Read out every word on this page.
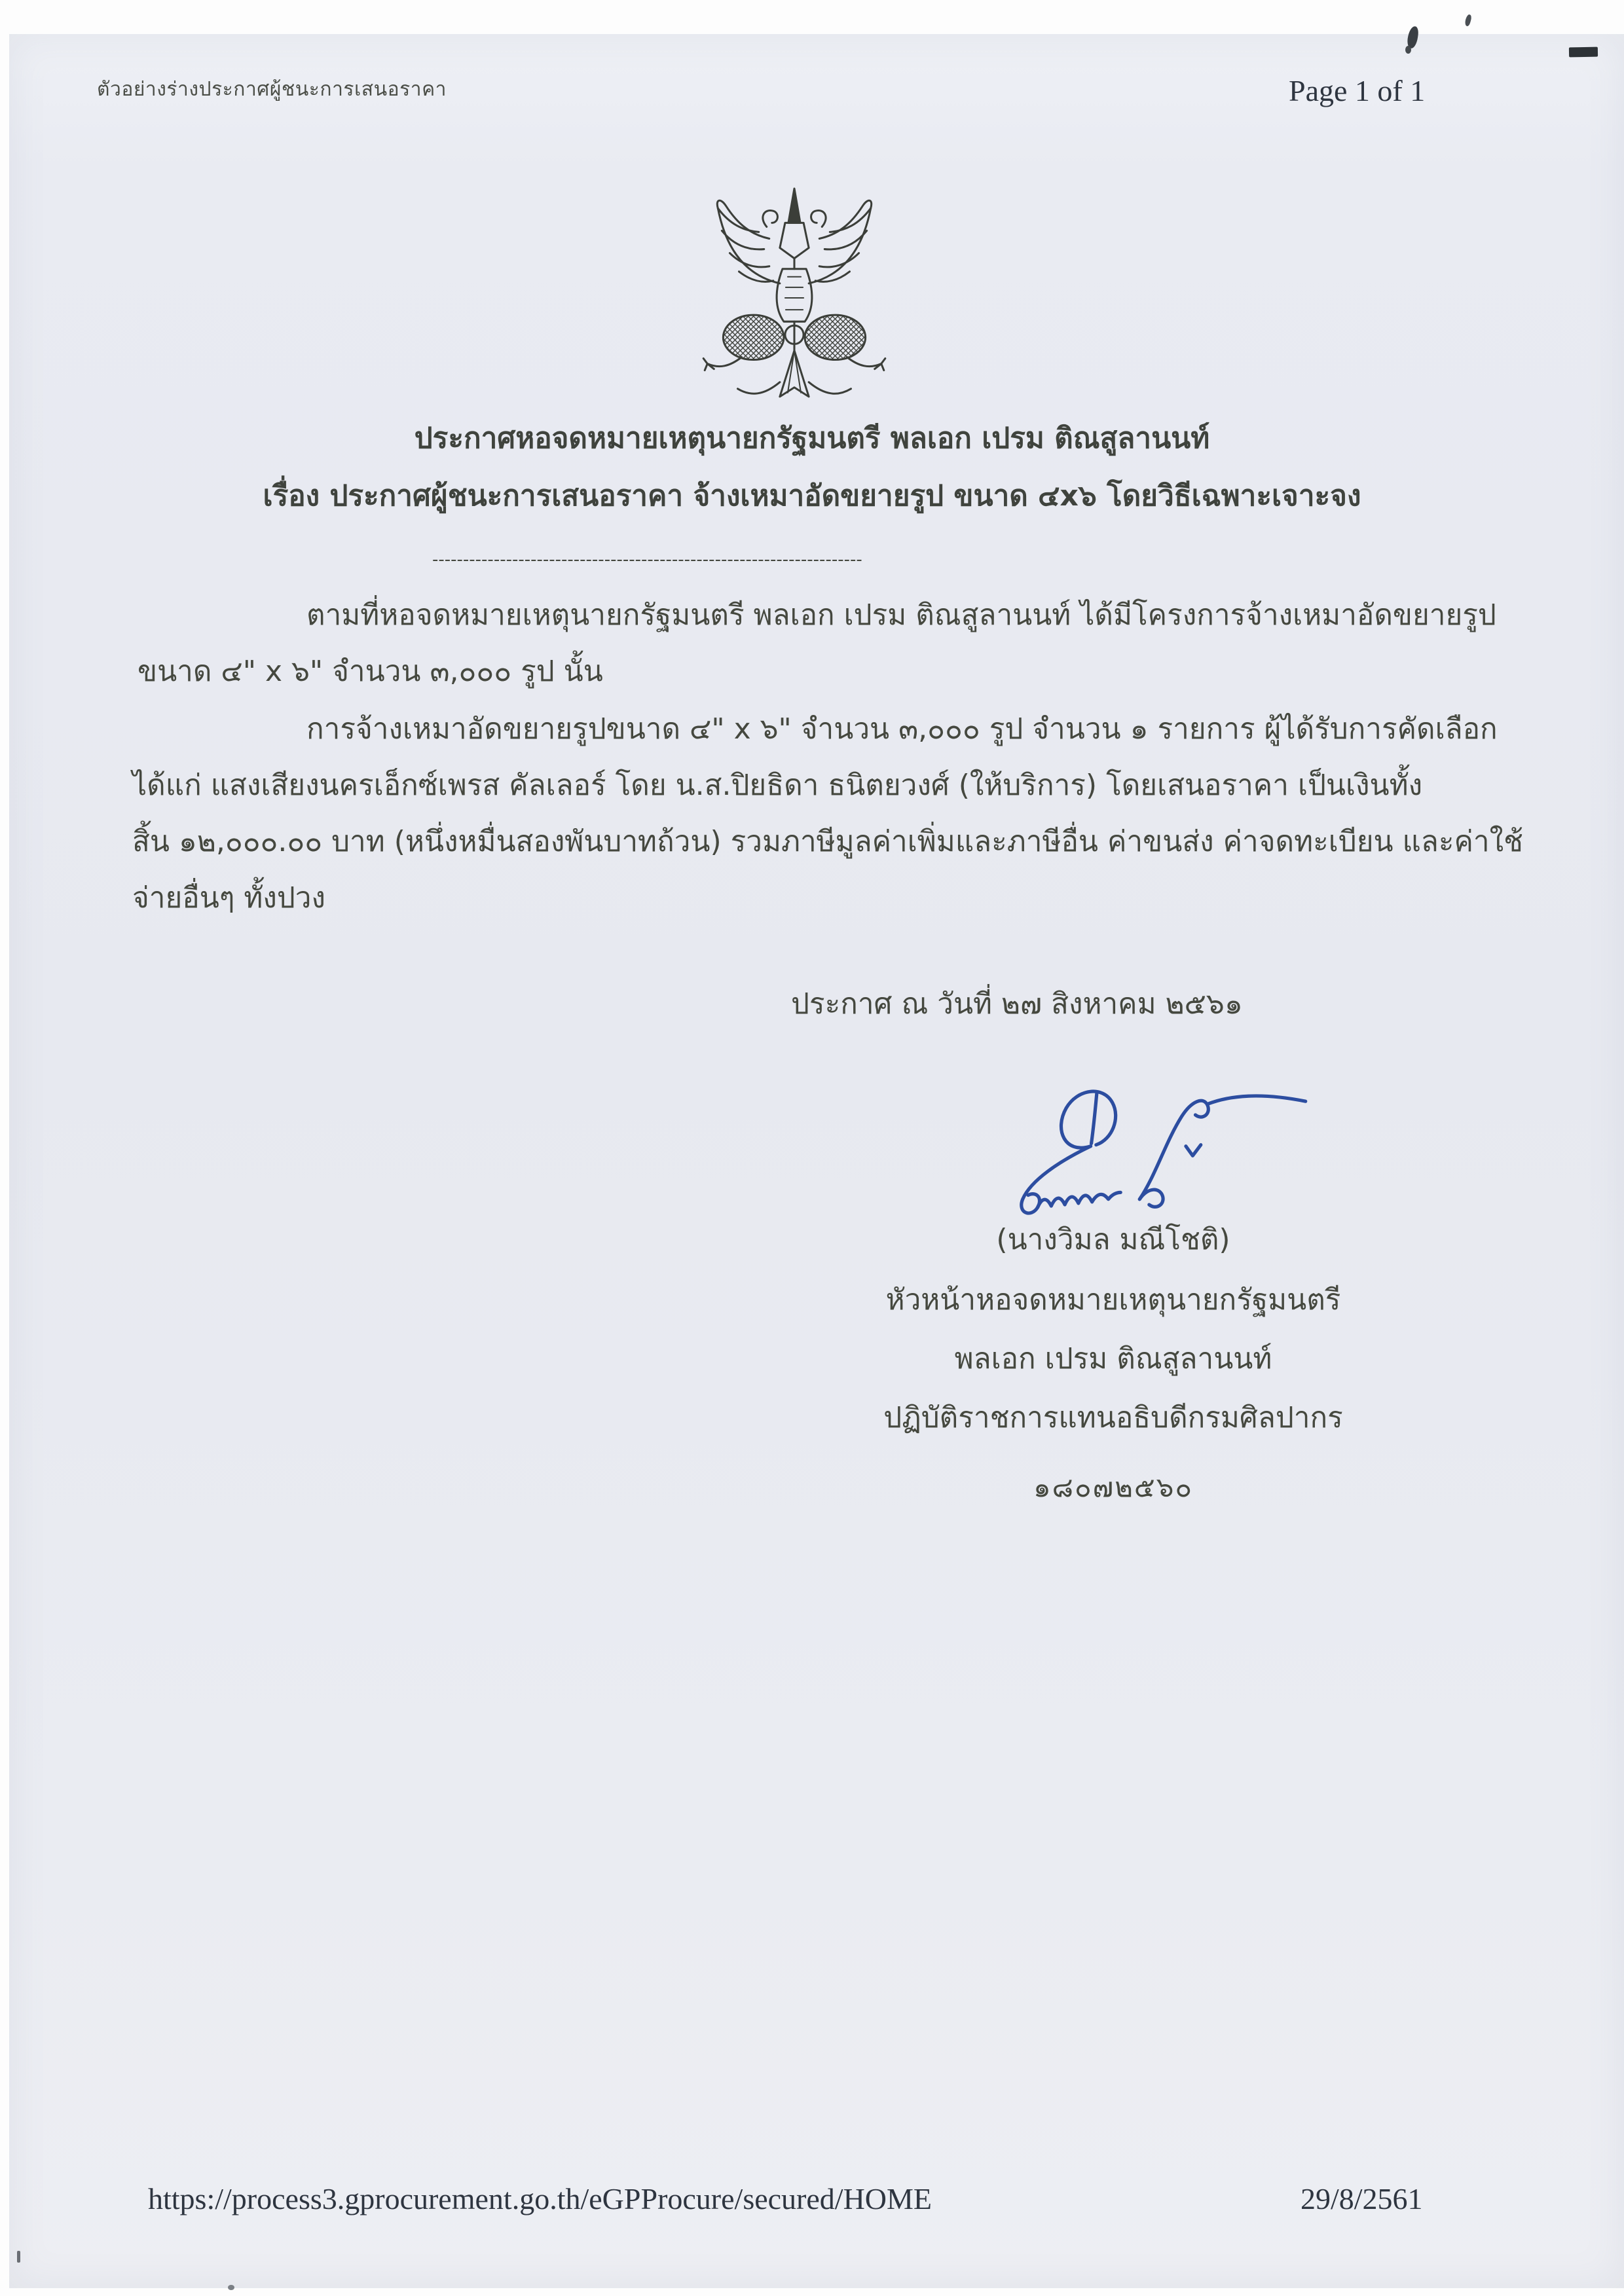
ตัวอย่างร่างประกาศผู้ชนะการเสนอราคา	Page 1 of 1
ประกาศหอจดหมายเหตุนายกรัฐมนตรี พลเอก เปรม ติณสูลานนท์
เรื่อง ประกาศผู้ชนะการเสนอราคา จ้างเหมาอัดขยายรูป ขนาด ๔x๖ โดยวิธีเฉพาะเจาะจง
----------------------------------------------------------------------
ตามที่หอจดหมายเหตุนายกรัฐมนตรี พลเอก เปรม ติณสูลานนท์ ได้มีโครงการจ้างเหมาอัดขยายรูป
ขนาด ๔" x ๖" จำนวน ๓,๐๐๐ รูป นั้น
การจ้างเหมาอัดขยายรูปขนาด ๔" x ๖" จำนวน ๓,๐๐๐ รูป จำนวน ๑ รายการ ผู้ได้รับการคัดเลือก
ได้แก่ แสงเสียงนครเอ็กซ์เพรส คัลเลอร์ โดย น.ส.ปิยธิดา ธนิตยวงศ์ (ให้บริการ) โดยเสนอราคา เป็นเงินทั้ง
สิ้น ๑๒,๐๐๐.๐๐ บาท (หนึ่งหมื่นสองพันบาทถ้วน) รวมภาษีมูลค่าเพิ่มและภาษีอื่น ค่าขนส่ง ค่าจดทะเบียน และค่าใช้
จ่ายอื่นๆ ทั้งปวง
ประกาศ ณ วันที่ ๒๗ สิงหาคม ๒๕๖๑
(นางวิมล มณีโชติ)
หัวหน้าหอจดหมายเหตุนายกรัฐมนตรี
พลเอก เปรม ติณสูลานนท์
ปฏิบัติราชการแทนอธิบดีกรมศิลปากร
๑๘๐๗๒๕๖๐
https://process3.gprocurement.go.th/eGPProcure/secured/HOME	29/8/2561
